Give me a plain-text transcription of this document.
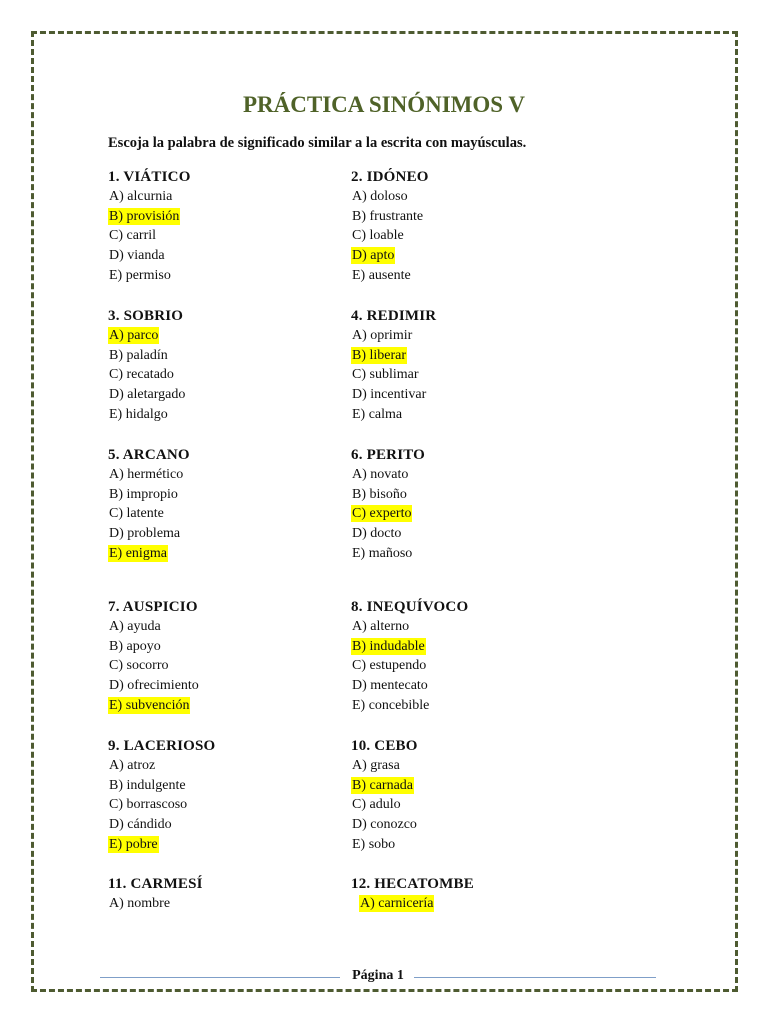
PRÁCTICA SINÓNIMOS V
Escoja la palabra de significado similar a la escrita con mayúsculas.
1. VIÁTICO
A) alcurnia
B) provisión
C) carril
D) vianda
E) permiso
2. IDÓNEO
A) doloso
B) frustrante
C) loable
D) apto
E) ausente
3. SOBRIO
A) parco
B) paladín
C) recatado
D) aletargado
E) hidalgo
4. REDIMIR
A) oprimir
B) liberar
C) sublimar
D) incentivar
E) calma
5. ARCANO
A) hermético
B) impropio
C) latente
D) problema
E) enigma
6. PERITO
A) novato
B) bisoño
C) experto
D) docto
E) mañoso
7. AUSPICIO
A) ayuda
B) apoyo
C) socorro
D) ofrecimiento
E) subvención
8. INEQUÍVOCO
A) alterno
B) indudable
C) estupendo
D) mentecato
E) concebible
9. LACERIOSO
A) atroz
B) indulgente
C) borrascoso
D) cándido
E) pobre
10. CEBO
A) grasa
B) carnada
C) adulo
D) conozco
E) sobo
11. CARMESÍ
A) nombre
12. HECATOMBE
A) carnicería
Página 1
